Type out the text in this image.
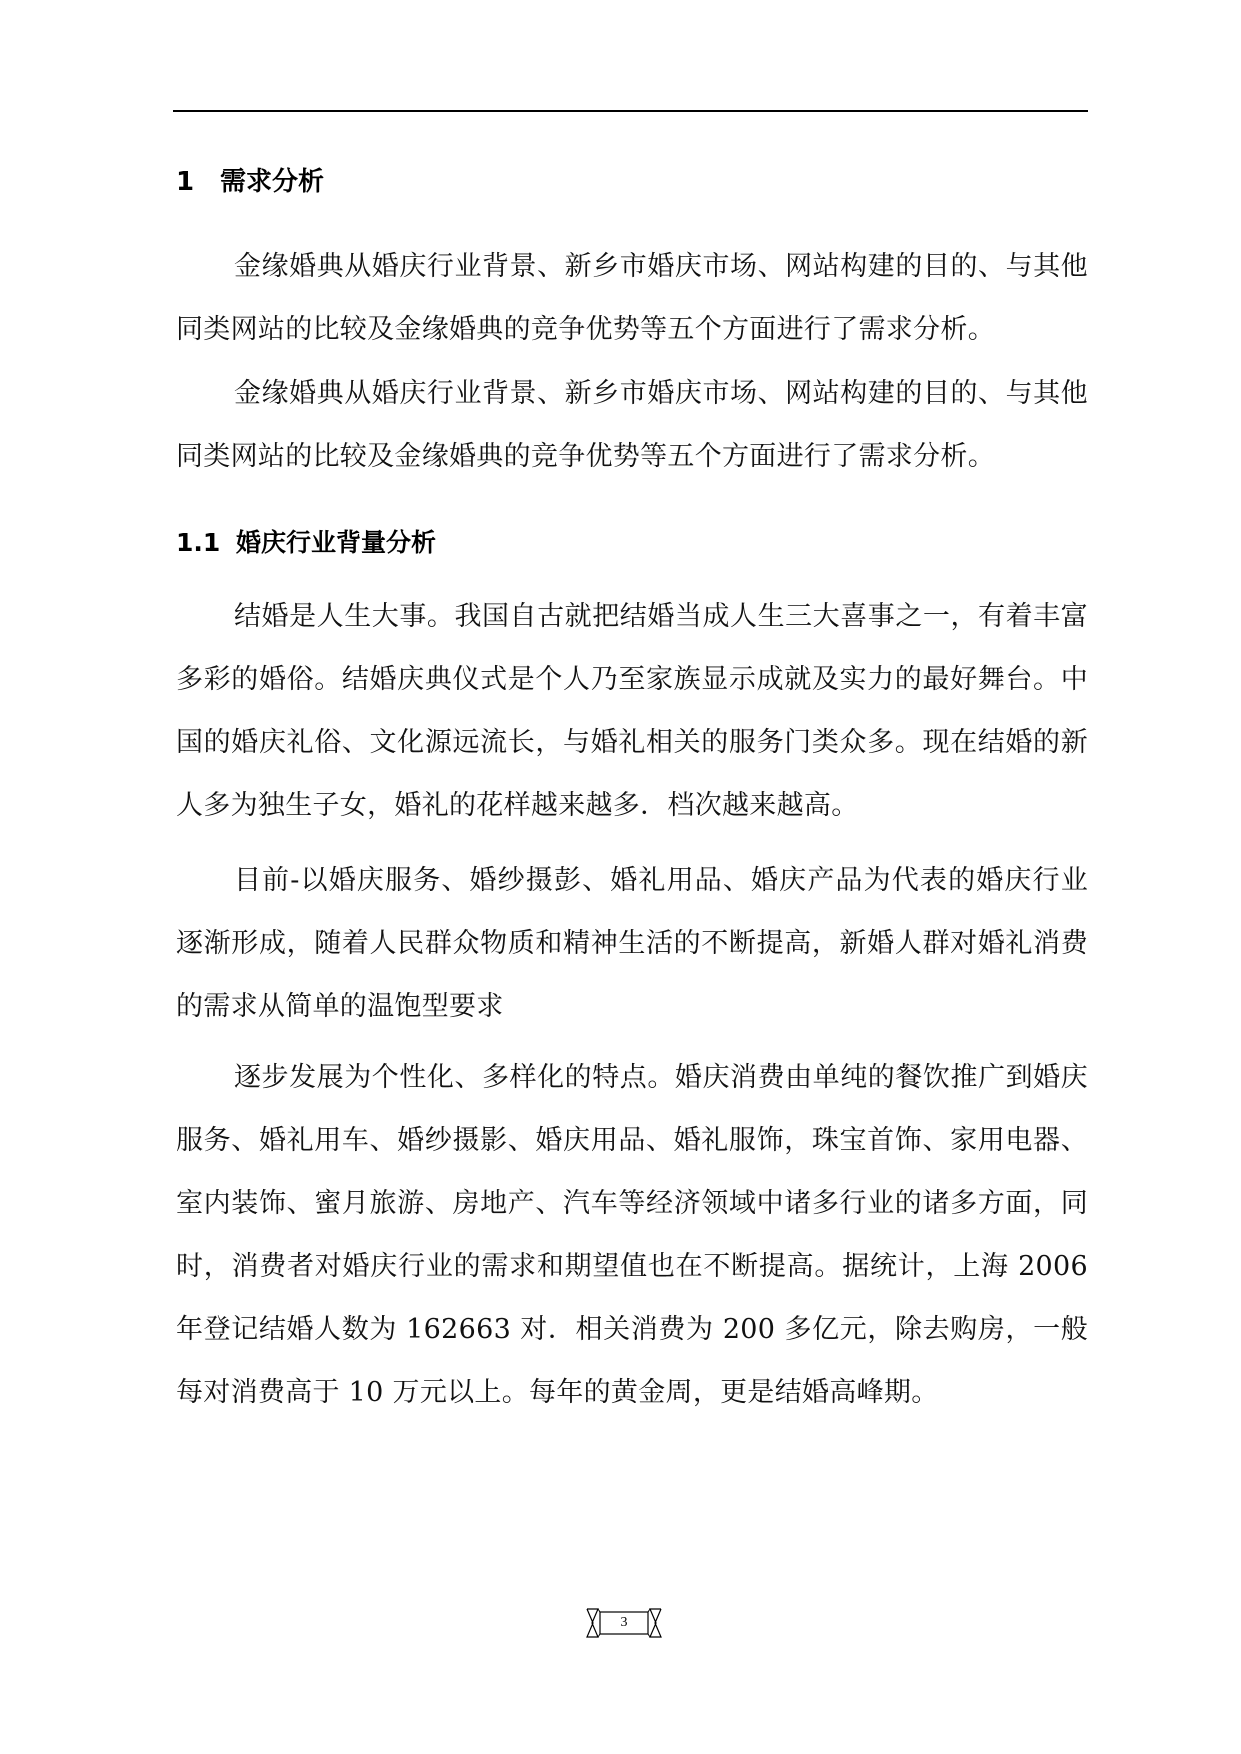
1 需求分析

金缘婚典从婚庆行业背景、新乡市婚庆市场、网站构建的目的、与其他同类网站的比较及金缘婚典的竞争优势等五个方面进行了需求分析。

金缘婚典从婚庆行业背景、新乡市婚庆市场、网站构建的目的、与其他同类网站的比较及金缘婚典的竞争优势等五个方面进行了需求分析。

1.1 婚庆行业背量分析

结婚是人生大事。我国自古就把结婚当成人生三大喜事之一，有着丰富多彩的婚俗。结婚庆典仪式是个人乃至家族显示成就及实力的最好舞台。中国的婚庆礼俗、文化源远流长，与婚礼相关的服务门类众多。现在结婚的新人多为独生子女，婚礼的花样越来越多．档次越来越高。

目前-以婚庆服务、婚纱摄彭、婚礼用品、婚庆产品为代表的婚庆行业逐渐形成，随着人民群众物质和精神生活的不断提高，新婚人群对婚礼消费的需求从简单的温饱型要求

逐步发展为个性化、多样化的特点。婚庆消费由单纯的餐饮推广到婚庆服务、婚礼用车、婚纱摄影、婚庆用品、婚礼服饰，珠宝首饰、家用电器、室内装饰、蜜月旅游、房地产、汽车等经济领域中诸多行业的诸多方面，同时，消费者对婚庆行业的需求和期望值也在不断提高。据统计，上海 2006 年登记结婚人数为 162663 对．相关消费为 200 多亿元，除去购房，一般每对消费高于 10 万元以上。每年的黄金周，更是结婚高峰期。

3
